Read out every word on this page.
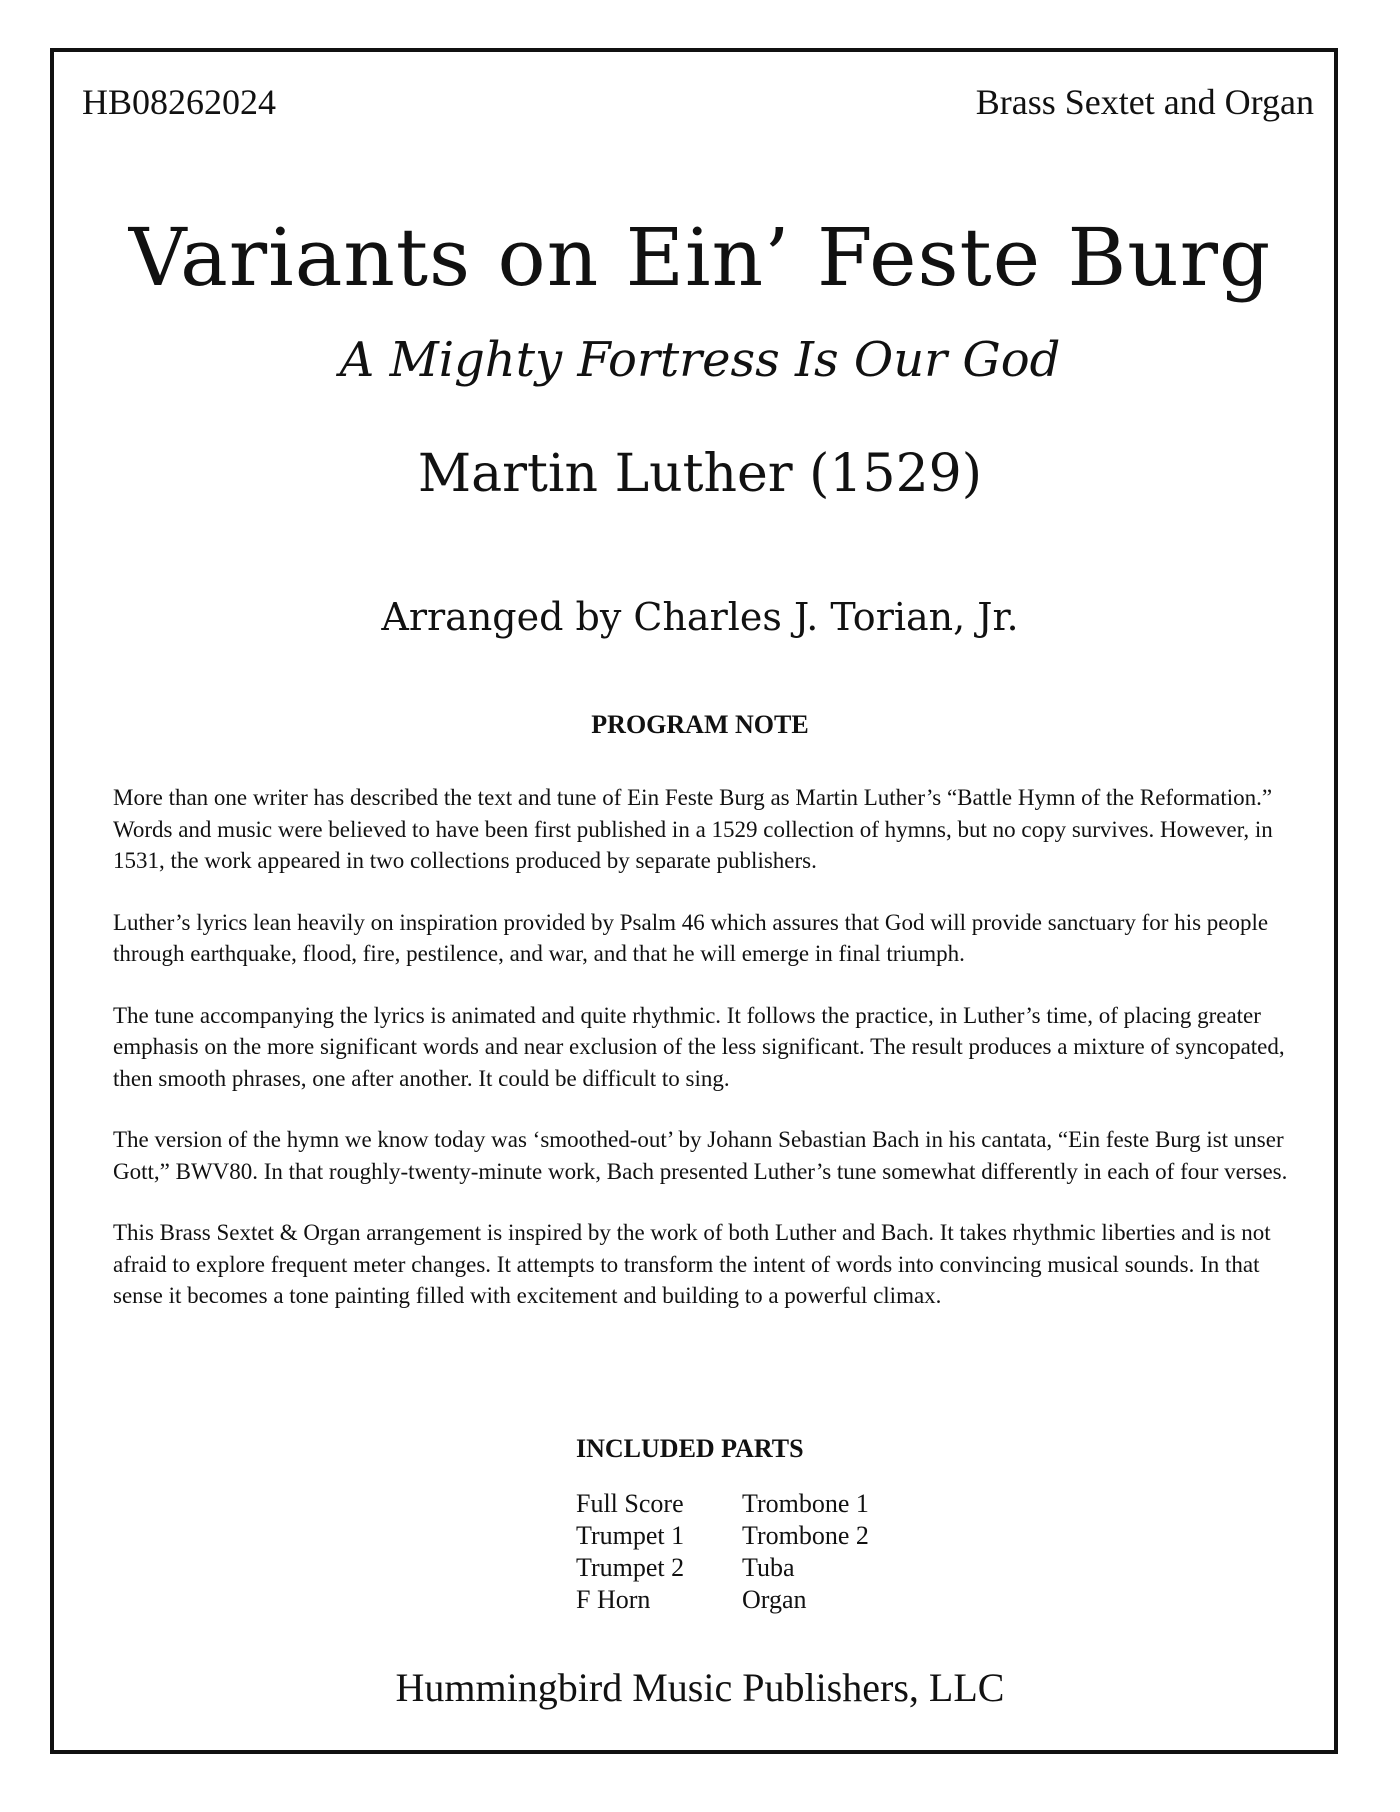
HB08262024	Brass Sextet and Organ
Variants on Ein’ Feste Burg
A Mighty Fortress Is Our God
Martin Luther (1529)
Arranged by Charles J. Torian, Jr.
PROGRAM NOTE

More than one writer has described the text and tune of Ein Feste Burg as Martin Luther’s “Battle Hymn of the Reformation.” Words and music were believed to have been first published in a 1529 collection of hymns, but no copy survives. However, in 1531, the work appeared in two collections produced by separate publishers.

Luther’s lyrics lean heavily on inspiration provided by Psalm 46 which assures that God will provide sanctuary for his people through earthquake, flood, fire, pestilence, and war, and that he will emerge in final triumph.

The tune accompanying the lyrics is animated and quite rhythmic. It follows the practice, in Luther’s time, of placing greater emphasis on the more significant words and near exclusion of the less significant. The result produces a mixture of syncopated, then smooth phrases, one after another. It could be difficult to sing.

The version of the hymn we know today was ‘smoothed-out’ by Johann Sebastian Bach in his cantata, “Ein feste Burg ist unser Gott,” BWV80. In that roughly-twenty-minute work, Bach presented Luther’s tune somewhat differently in each of four verses.

This Brass Sextet & Organ arrangement is inspired by the work of both Luther and Bach. It takes rhythmic liberties and is not afraid to explore frequent meter changes. It attempts to transform the intent of words into convincing musical sounds. In that sense it becomes a tone painting filled with excitement and building to a powerful climax.

INCLUDED PARTS
Full Score	Trombone 1
Trumpet 1	Trombone 2
Trumpet 2	Tuba
F Horn	Organ
Hummingbird Music Publishers, LLC
